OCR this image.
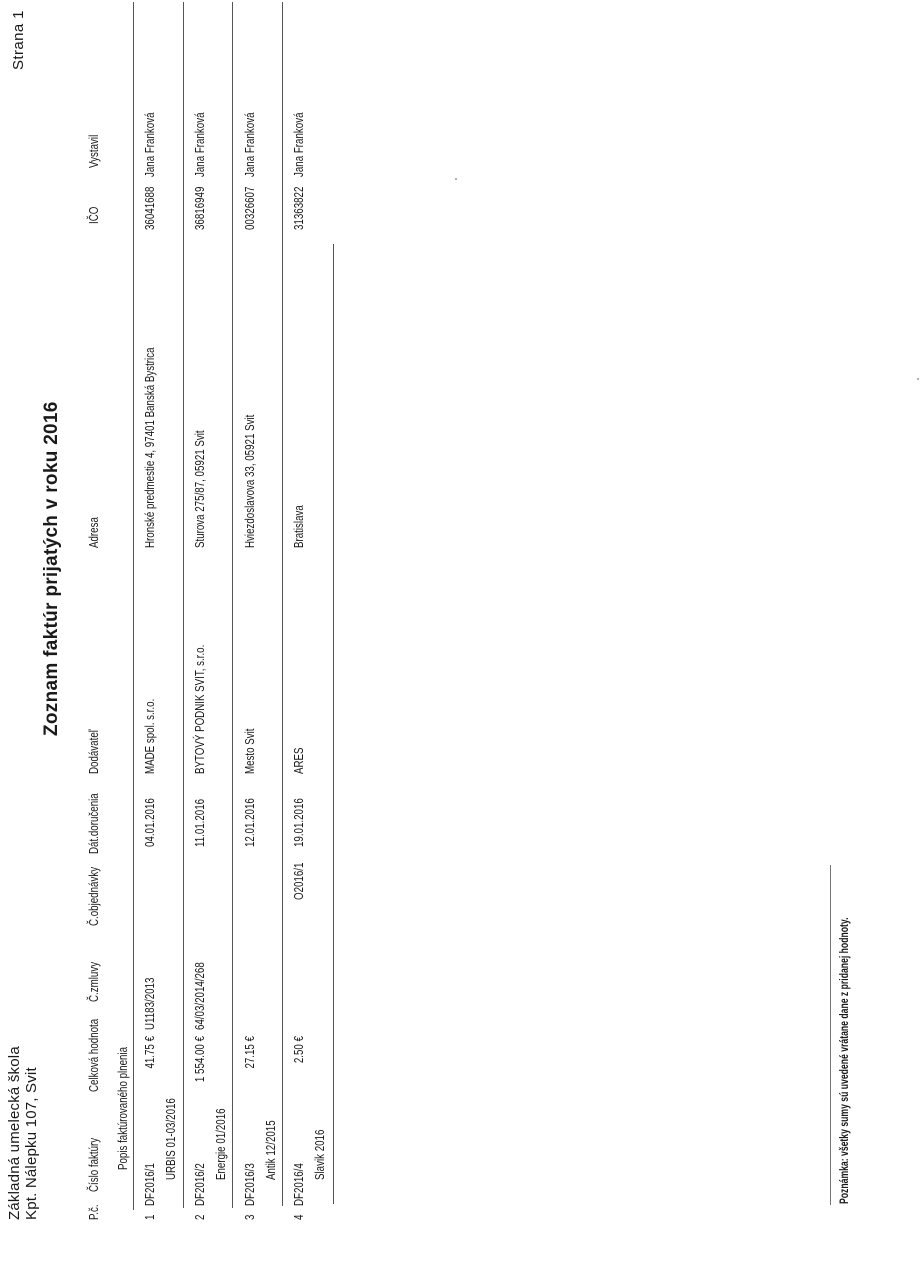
Základná umelecká škola Kpt. Nálepku 107, Svit
Zoznam faktúr prijatých v roku 2016
Strana 1
P.č.
Číslo faktúry
Celková hodnota
Č.zmluvy
Č.objednávky
Dát.doručenia
Dodávateľ
Adresa
IČO
Vystavil
Popis faktúrovaného plnenia
1
DF2016/1
41.75 €
U1183/2013
04.01.2016
MADE spol. s.r.o.
Hronské predmestie 4, 97401 Banská Bystrica
36041688
Jana Franková
URBIS 01-03/2016
2
DF2016/2
1 554.00 €
64/03/2014/268
11.01.2016
BYTOVÝ PODNIK SVIT, s.r.o.
Sturova 275/87, 05921 Svit
36816949
Jana Franková
Energie 01/2016
3
DF2016/3
27.15 €
12.01.2016
Mesto Svit
Hviezdoslavova 33, 05921 Svit
00326607
Jana Franková
Antik 12/2015
4
DF2016/4
2.50 €
O2016/1
19.01.2016
ARES
Bratislava
31363822
Jana Franková
Slavik 2016	Poznámka: všetky sumy sú uvedené vrátane dane z pridanej hodnoty.
